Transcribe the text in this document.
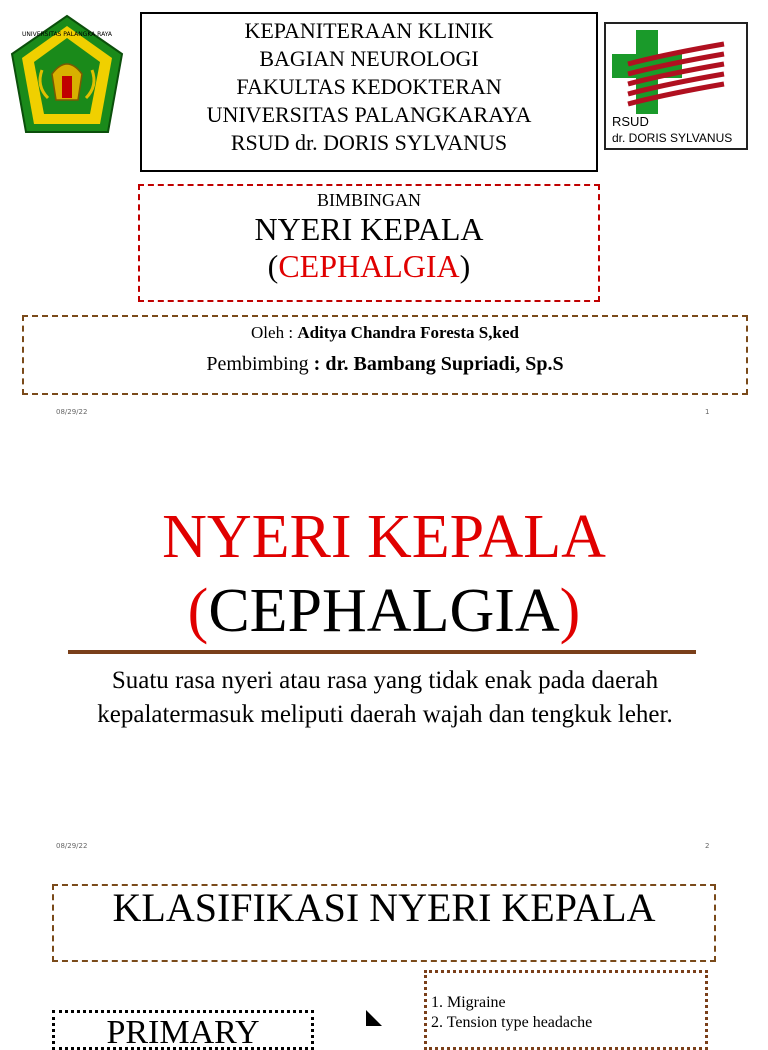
UNIVERSITAS PALANGKA RAYA	KEPANITERAAN KLINIK
BAGIAN NEUROLOGI
FAKULTAS KEDOKTERAN
UNIVERSITAS PALANGKARAYA
RSUD dr. DORIS SYLVANUS
RSUD
dr. DORIS SYLVANUS
BIMBINGAN
NYERI KEPALA
(CEPHALGIA)
Oleh : Aditya Chandra Foresta S,ked
Pembimbing : dr. Bambang Supriadi, Sp.S
08/29/22	1
NYERI KEPALA
(CEPHALGIA)
Suatu rasa nyeri atau rasa yang tidak enak pada daerah kepalatermasuk meliputi daerah wajah dan tengkuk leher.
08/29/22	2
KLASIFIKASI NYERI KEPALA
1. Migraine
2. Tension type headache
PRIMARY
